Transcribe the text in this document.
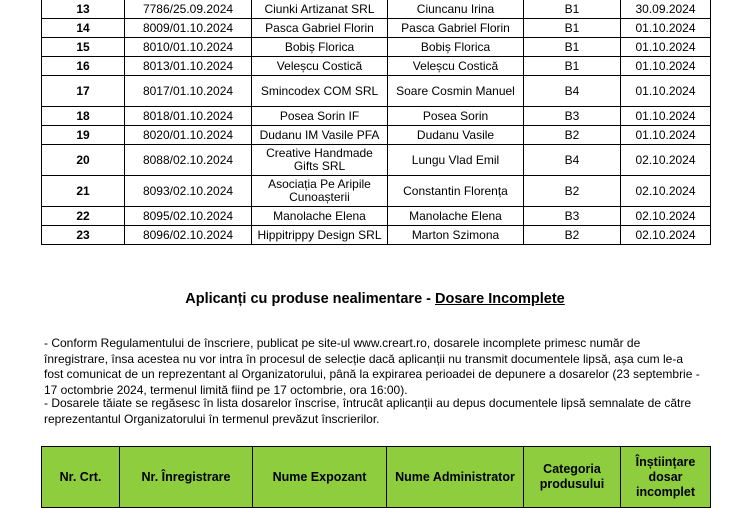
13	7786/25.09.2024	Ciunki Artizanat SRL	Ciuncanu Irina	B1	30.09.2024
14	8009/01.10.2024	Pasca Gabriel Florin	Pasca Gabriel Florin	B1	01.10.2024
15	8010/01.10.2024	Bobiș Florica	Bobiș Florica	B1	01.10.2024
16	8013/01.10.2024	Veleșcu Costică	Veleșcu Costică	B1	01.10.2024
17	8017/01.10.2024	Smincodex COM SRL	Soare Cosmin Manuel	B4	01.10.2024
18	8018/01.10.2024	Posea Sorin IF	Posea Sorin	B3	01.10.2024
19	8020/01.10.2024	Dudanu IM Vasile PFA	Dudanu Vasile	B2	01.10.2024
20	8088/02.10.2024	Creative Handmade Gifts SRL	Lungu Vlad Emil	B4	02.10.2024
21	8093/02.10.2024	Asociația Pe Aripile Cunoașterii	Constantin Florența	B2	02.10.2024
22	8095/02.10.2024	Manolache Elena	Manolache Elena	B3	02.10.2024
23	8096/02.10.2024	Hippitrippy Design SRL	Marton Szimona	B2	02.10.2024
Aplicanți cu produse nealimentare - Dosare Incomplete
- Conform Regulamentului de înscriere, publicat pe site-ul www.creart.ro, dosarele incomplete primesc număr de înregistrare, însa acestea nu vor intra în procesul de selecție dacă aplicanții nu transmit documentele lipsă, așa cum le-a fost comunicat de un reprezentant al Organizatorului, până la expirarea perioadei de depunere a dosarelor (23 septembrie - 17 octombrie 2024, termenul limită fiind pe 17 octombrie, ora 16:00).
- Dosarele tăiate se regăsesc în lista dosarelor înscrise, întrucât aplicanții au depus documentele lipsă semnalate de către reprezentantul Organizatorului în termenul prevăzut înscrierilor.
Nr. Crt.	Nr. Înregistrare	Nume Expozant	Nume Administrator	Categoria produsului	Înștiințare dosar incomplet
